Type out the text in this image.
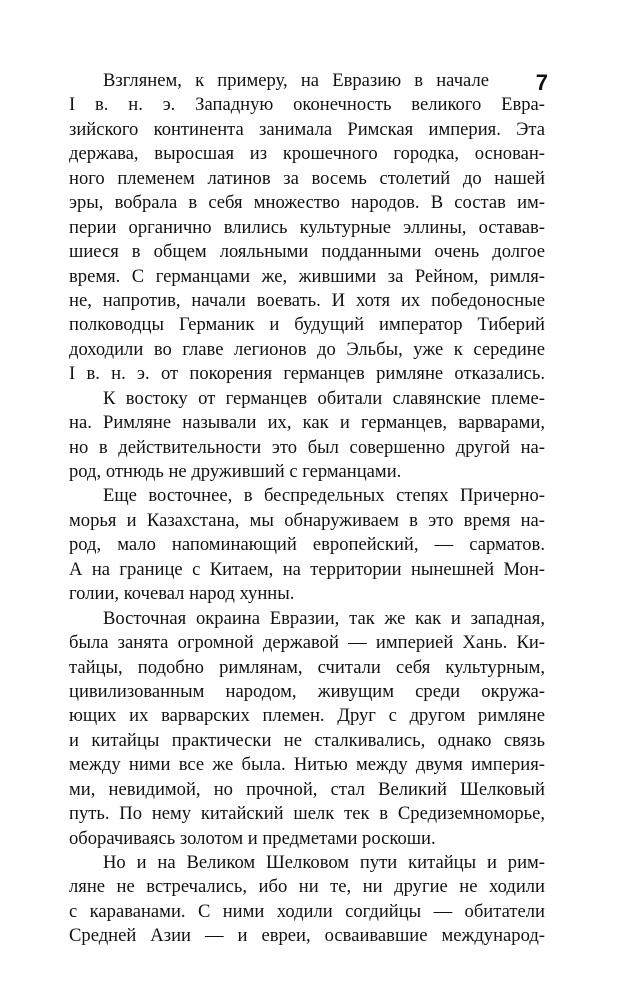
7
Взглянем, к примеру, на Евразию в начале
I в. н. э. Западную оконечность великого Евра-
зийского континента занимала Римская империя. Эта
держава, выросшая из крошечного городка, основан-
ного племенем латинов за восемь столетий до нашей
эры, вобрала в себя множество народов. В состав им-
перии органично влились культурные эллины, оставав-
шиеся в общем лояльными подданными очень долгое
время. С германцами же, жившими за Рейном, римля-
не, напротив, начали воевать. И хотя их победоносные
полководцы Германик и будущий император Тиберий
доходили во главе легионов до Эльбы, уже к середине
I в. н. э. от покорения германцев римляне отказались.
К востоку от германцев обитали славянские племе-
на. Римляне называли их, как и германцев, варварами,
но в действительности это был совершенно другой на-
род, отнюдь не друживший с германцами.
Еще восточнее, в беспредельных степях Причерно-
морья и Казахстана, мы обнаруживаем в это время на-
род, мало напоминающий европейский, — сарматов.
А на границе с Китаем, на территории нынешней Мон-
голии, кочевал народ хунны.
Восточная окраина Евразии, так же как и западная,
была занята огромной державой — империей Хань. Ки-
тайцы, подобно римлянам, считали себя культурным,
цивилизованным народом, живущим среди окружа-
ющих их варварских племен. Друг с другом римляне
и китайцы практически не сталкивались, однако связь
между ними все же была. Нитью между двумя империя-
ми, невидимой, но прочной, стал Великий Шелковый
путь. По нему китайский шелк тек в Средиземноморье,
оборачиваясь золотом и предметами роскоши.
Но и на Великом Шелковом пути китайцы и рим-
ляне не встречались, ибо ни те, ни другие не ходили
с караванами. С ними ходили согдийцы — обитатели
Средней Азии — и евреи, осваивавшие международ-
